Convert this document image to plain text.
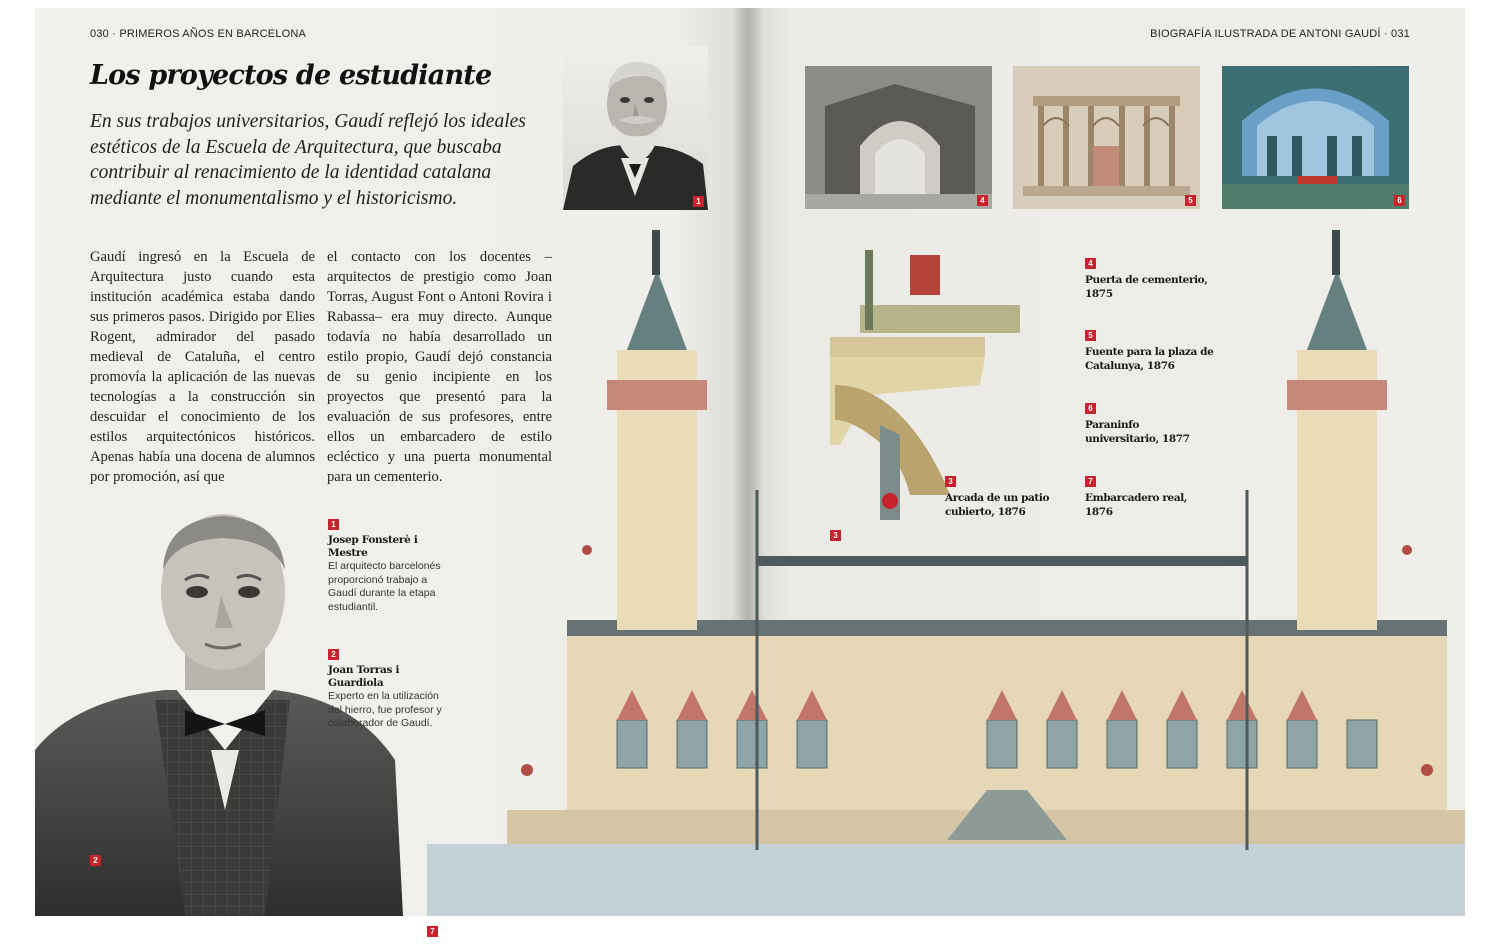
030 · PRIMEROS AÑOS EN BARCELONA
Los proyectos de estudiante
En sus trabajos universitarios, Gaudí reflejó los ideales estéticos de la Escuela de Arquitectura, que buscaba contribuir al renacimiento de la identidad catalana mediante el monumentalismo y el historicismo.
Gaudí ingresó en la Escuela de Arquitectura justo cuando esta institución académica estaba dando sus primeros pasos. Dirigido por Elies Rogent, admirador del pasado medieval de Cataluña, el centro promovía la aplicación de las nuevas tecnologías a la construcción sin descuidar el conocimiento de los estilos arquitectónicos históricos. Apenas había una docena de alumnos por promoción, así que
el contacto con los docentes –arquitectos de prestigio como Joan Torras, August Font o Antoni Rovira i Rabassa– era muy directo. Aunque todavía no había desarrollado un estilo propio, Gaudí dejó constancia de su genio incipiente en los proyectos que presentó para la evaluación de sus profesores, entre ellos un embarcadero de estilo ecléctico y una puerta monumental para un cementerio.
1
2
1
Josep Fonsterè i Mestre
El arquitecto barcelonés proporcionó trabajo a Gaudí durante la etapa estudiantil.
2
Joan Torras i Guardiola
Experto en la utilización del hierro, fue profesor y colaborador de Gaudí.
BIOGRAFÍA ILUSTRADA DE ANTONI GAUDÍ · 031
4	5	6
3
7
3
Arcada de un patio cubierto, 1876
4
Puerta de cementerio, 1875
5
Fuente para la plaza de Catalunya, 1876
6
Paraninfo universitario, 1877
7
Embarcadero real, 1876
